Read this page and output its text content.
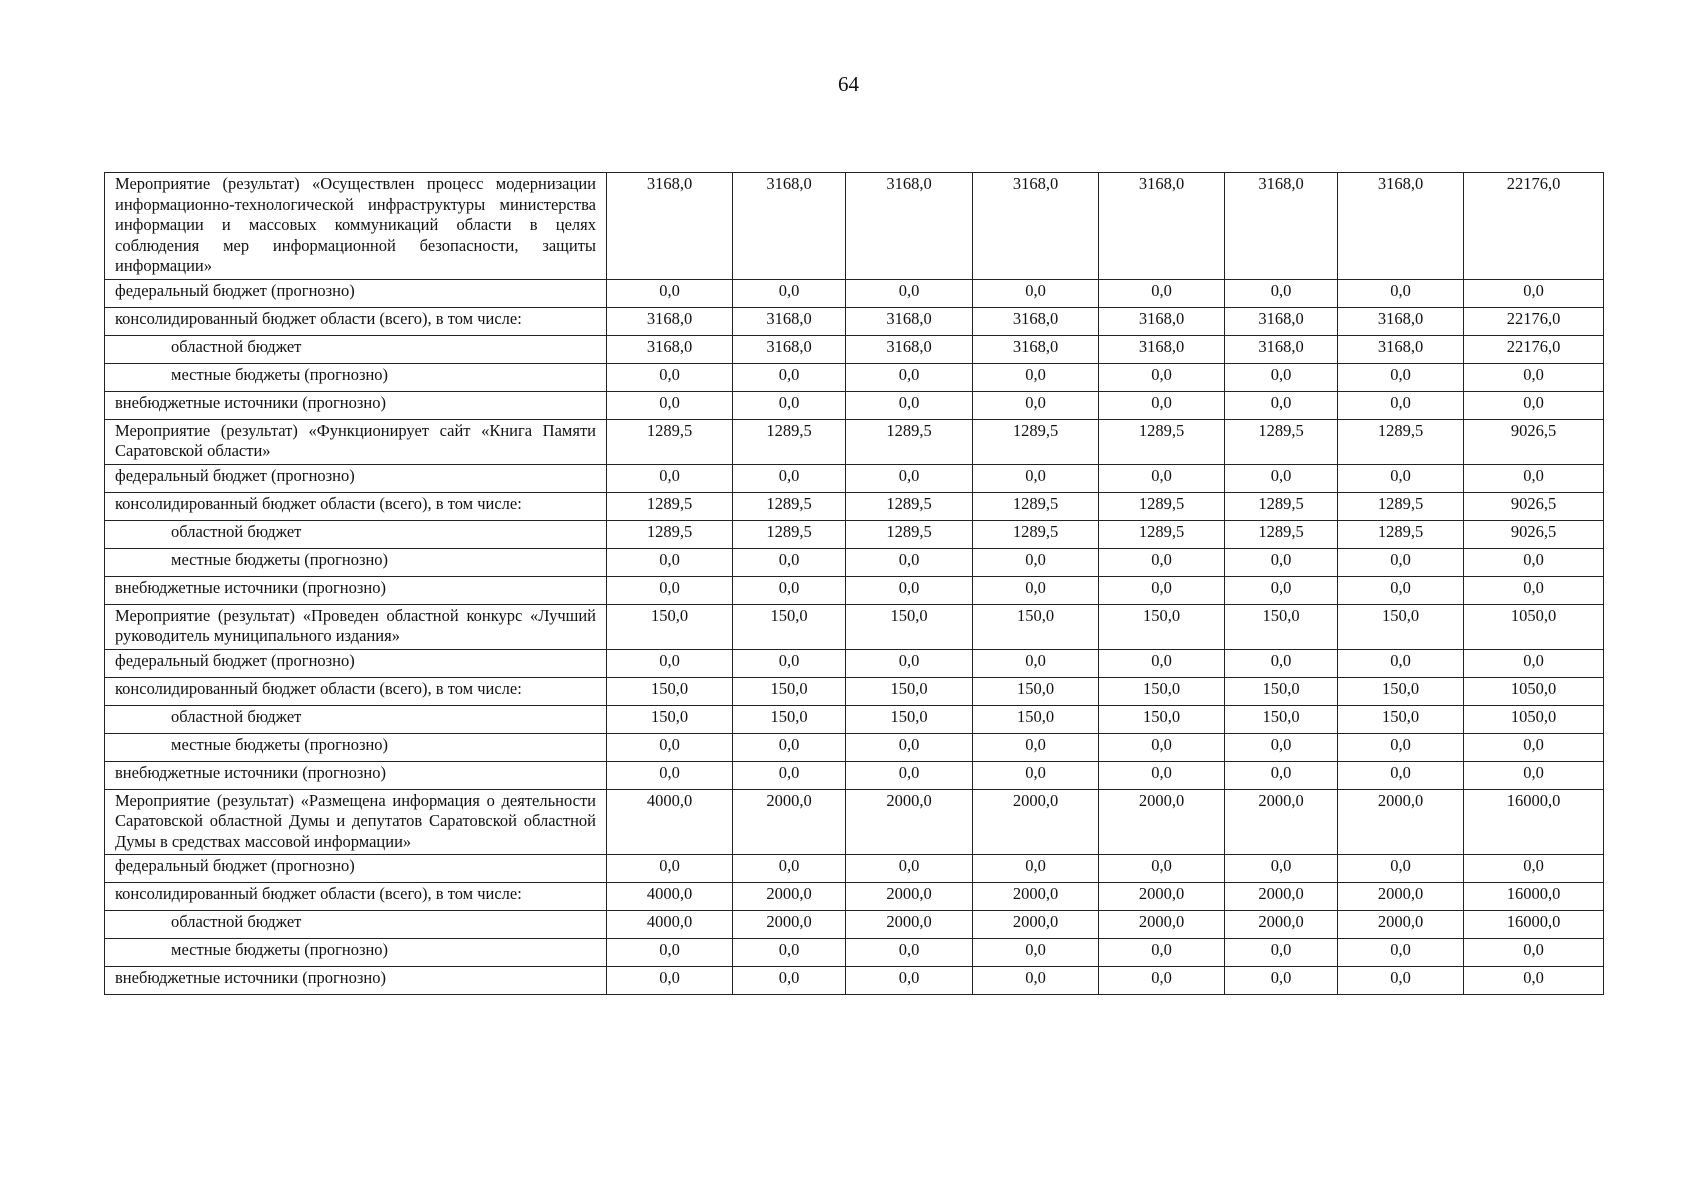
64
Мероприятие (результат) «Осуществлен процесс модернизации информационно-технологической инфраструктуры министерства информации и массовых коммуникаций области в целях соблюдения мер информационной безопасности, защиты информации»	3168,0	3168,0	3168,0	3168,0	3168,0	3168,0	3168,0	22176,0
федеральный бюджет (прогнозно)	0,0	0,0	0,0	0,0	0,0	0,0	0,0	0,0
консолидированный бюджет области (всего), в том числе:	3168,0	3168,0	3168,0	3168,0	3168,0	3168,0	3168,0	22176,0
областной бюджет	3168,0	3168,0	3168,0	3168,0	3168,0	3168,0	3168,0	22176,0
местные бюджеты (прогнозно)	0,0	0,0	0,0	0,0	0,0	0,0	0,0	0,0
внебюджетные источники (прогнозно)	0,0	0,0	0,0	0,0	0,0	0,0	0,0	0,0
Мероприятие (результат) «Функционирует сайт «Книга Памяти Саратовской области»	1289,5	1289,5	1289,5	1289,5	1289,5	1289,5	1289,5	9026,5
федеральный бюджет (прогнозно)	0,0	0,0	0,0	0,0	0,0	0,0	0,0	0,0
консолидированный бюджет области (всего), в том числе:	1289,5	1289,5	1289,5	1289,5	1289,5	1289,5	1289,5	9026,5
областной бюджет	1289,5	1289,5	1289,5	1289,5	1289,5	1289,5	1289,5	9026,5
местные бюджеты (прогнозно)	0,0	0,0	0,0	0,0	0,0	0,0	0,0	0,0
внебюджетные источники (прогнозно)	0,0	0,0	0,0	0,0	0,0	0,0	0,0	0,0
Мероприятие (результат) «Проведен областной конкурс «Лучший руководитель муниципального издания»	150,0	150,0	150,0	150,0	150,0	150,0	150,0	1050,0
федеральный бюджет (прогнозно)	0,0	0,0	0,0	0,0	0,0	0,0	0,0	0,0
консолидированный бюджет области (всего), в том числе:	150,0	150,0	150,0	150,0	150,0	150,0	150,0	1050,0
областной бюджет	150,0	150,0	150,0	150,0	150,0	150,0	150,0	1050,0
местные бюджеты (прогнозно)	0,0	0,0	0,0	0,0	0,0	0,0	0,0	0,0
внебюджетные источники (прогнозно)	0,0	0,0	0,0	0,0	0,0	0,0	0,0	0,0
Мероприятие (результат) «Размещена информация о деятельности Саратовской областной Думы и депутатов Саратовской областной Думы в средствах массовой информации»	4000,0	2000,0	2000,0	2000,0	2000,0	2000,0	2000,0	16000,0
федеральный бюджет (прогнозно)	0,0	0,0	0,0	0,0	0,0	0,0	0,0	0,0
консолидированный бюджет области (всего), в том числе:	4000,0	2000,0	2000,0	2000,0	2000,0	2000,0	2000,0	16000,0
областной бюджет	4000,0	2000,0	2000,0	2000,0	2000,0	2000,0	2000,0	16000,0
местные бюджеты (прогнозно)	0,0	0,0	0,0	0,0	0,0	0,0	0,0	0,0
внебюджетные источники (прогнозно)	0,0	0,0	0,0	0,0	0,0	0,0	0,0	0,0
